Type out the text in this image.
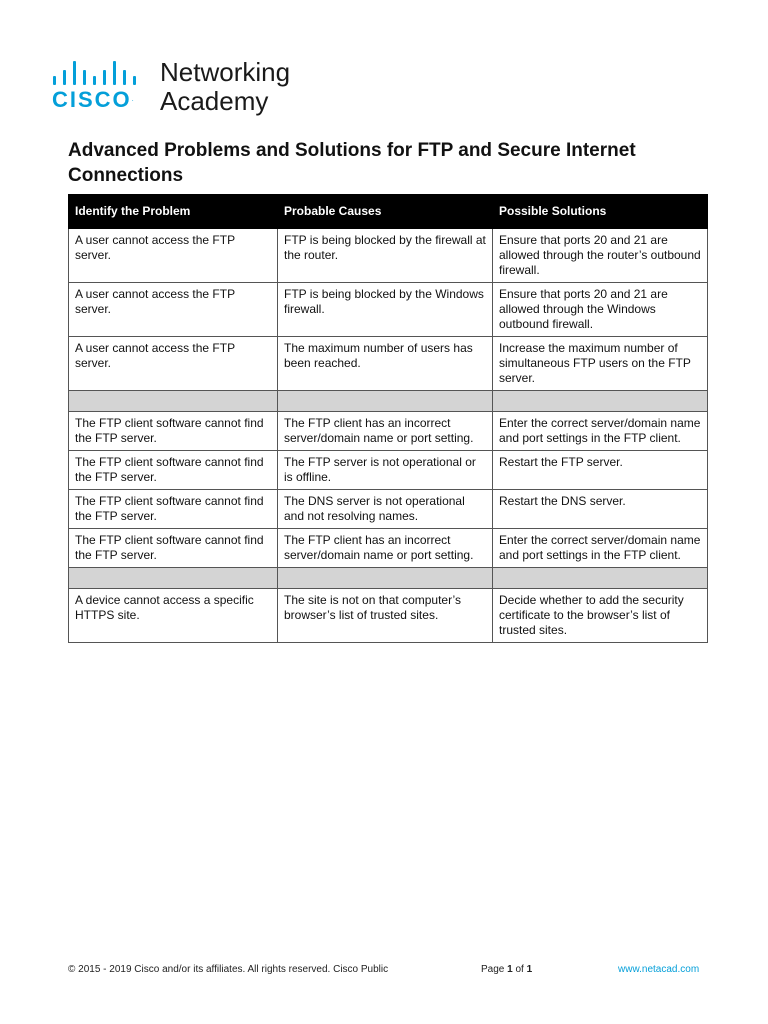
CISCO.
Networking
Academy
Advanced Problems and Solutions for FTP and Secure Internet Connections
Identify the Problem	Probable Causes	Possible Solutions
A user cannot access the FTP server.	FTP is being blocked by the firewall at the router.	Ensure that ports 20 and 21 are allowed through the router’s outbound firewall.
A user cannot access the FTP server.	FTP is being blocked by the Windows firewall.	Ensure that ports 20 and 21 are allowed through the Windows outbound firewall.
A user cannot access the FTP server.	The maximum number of users has been reached.	Increase the maximum number of simultaneous FTP users on the FTP server.

The FTP client software cannot find the FTP server.	The FTP client has an incorrect server/domain name or port setting.	Enter the correct server/domain name and port settings in the FTP client.
The FTP client software cannot find the FTP server.	The FTP server is not operational or is offline.	Restart the FTP server.
The FTP client software cannot find the FTP server.	The DNS server is not operational and not resolving names.	Restart the DNS server.
The FTP client software cannot find the FTP server.	The FTP client has an incorrect server/domain name or port setting.	Enter the correct server/domain name and port settings in the FTP client.

A device cannot access a specific HTTPS site.	The site is not on that computer’s browser’s list of trusted sites.	Decide whether to add the security certificate to the browser’s list of trusted sites.
© 2015 - 2019 Cisco and/or its affiliates. All rights reserved. Cisco Public	Page 1 of 1	www.netacad.com
